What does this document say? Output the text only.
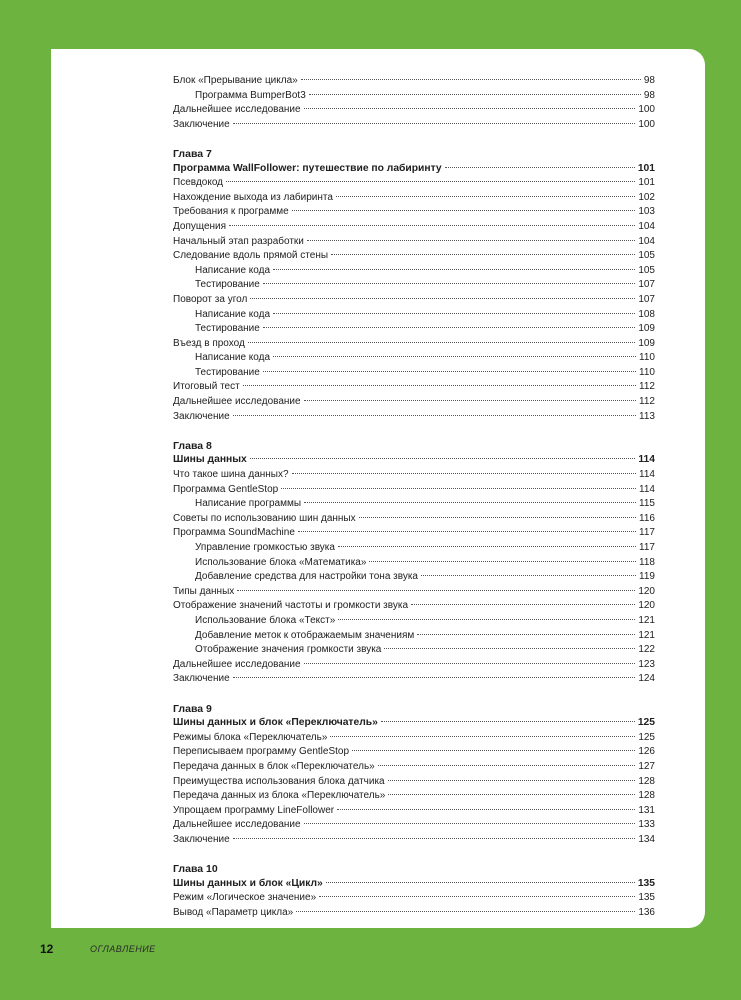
Блок «Прерывание цикла»	98
Программа BumperBot3	98
Дальнейшее исследование	100
Заключение	100
Глава 7
Программа WallFollower: путешествие по лабиринту	101
Псевдокод	101
Нахождение выхода из лабиринта	102
Требования к программе	103
Допущения	104
Начальный этап разработки	104
Следование вдоль прямой стены	105
Написание кода	105
Тестирование	107
Поворот за угол	107
Написание кода	108
Тестирование	109
Въезд в проход	109
Написание кода	110
Тестирование	110
Итоговый тест	112
Дальнейшее исследование	112
Заключение	113
Глава 8
Шины данных	114
Что такое шина данных?	114
Программа GentleStop	114
Написание программы	115
Советы по использованию шин данных	116
Программа SoundMachine	117
Управление громкостью звука	117
Использование блока «Математика»	118
Добавление средства для настройки тона звука	119
Типы данных	120
Отображение значений частоты и громкости звука	120
Использование блока «Текст»	121
Добавление меток к отображаемым значениям	121
Отображение значения громкости звука	122
Дальнейшее исследование	123
Заключение	124
Глава 9
Шины данных и блок «Переключатель»	125
Режимы блока «Переключатель»	125
Переписываем программу GentleStop	126
Передача данных в блок «Переключатель»	127
Преимущества использования блока датчика	128
Передача данных из блока «Переключатель»	128
Упрощаем программу LineFollower	131
Дальнейшее исследование	133
Заключение	134
Глава 10
Шины данных и блок «Цикл»	135
Режим «Логическое значение»	135
Вывод «Параметр цикла»	136
12	ОГЛАВЛЕНИЕ
